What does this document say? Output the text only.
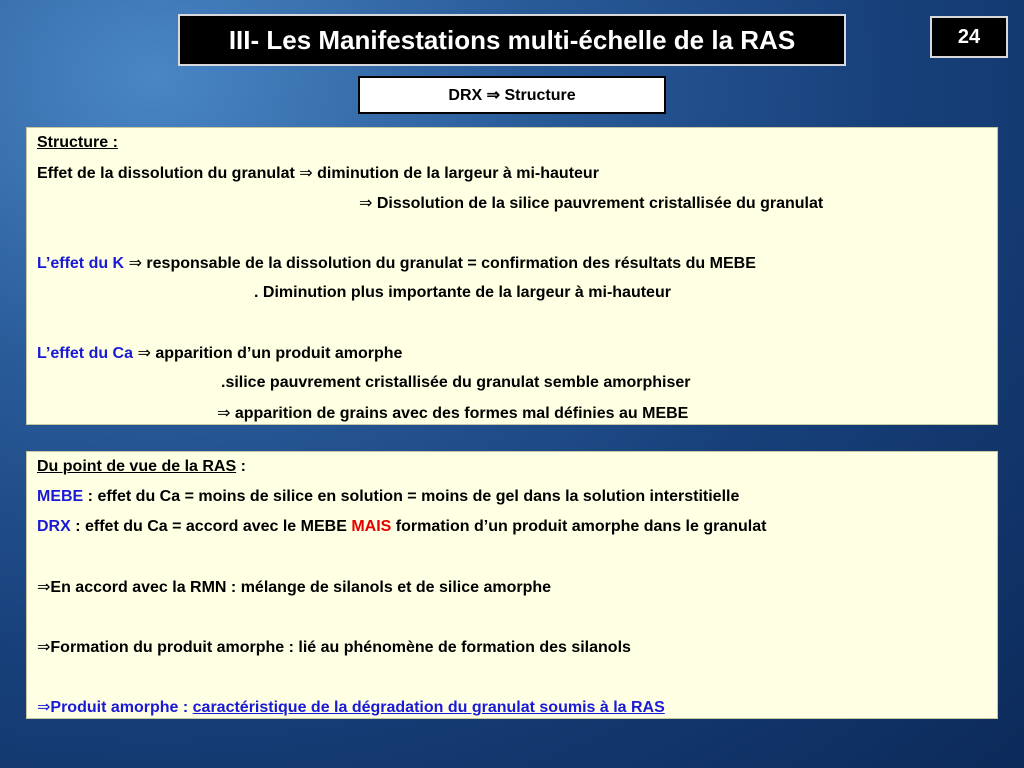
III- Les Manifestations multi-échelle de la RAS	24
DRX ⇒ Structure
Structure :
Effet de la dissolution du granulat ⇒ diminution de la largeur à mi-hauteur
⇒ Dissolution de la silice pauvrement cristallisée du granulat
L’effet du K ⇒ responsable de la dissolution du granulat = confirmation des résultats du MEBE
. Diminution plus importante de la largeur à mi-hauteur
L’effet du Ca ⇒ apparition d’un produit amorphe
.silice pauvrement cristallisée du granulat semble amorphiser
⇒ apparition de grains avec des formes mal définies au MEBE
Du point de vue de la RAS :
MEBE : effet du Ca = moins de silice en solution = moins de gel dans la solution interstitielle
DRX : effet du Ca = accord avec le MEBE MAIS formation d’un produit amorphe dans le granulat
⇒En accord avec la RMN : mélange de silanols et de silice amorphe
⇒Formation du produit amorphe : lié au phénomène de formation des silanols
⇒Produit amorphe : caractéristique de la dégradation du granulat soumis à la RAS
